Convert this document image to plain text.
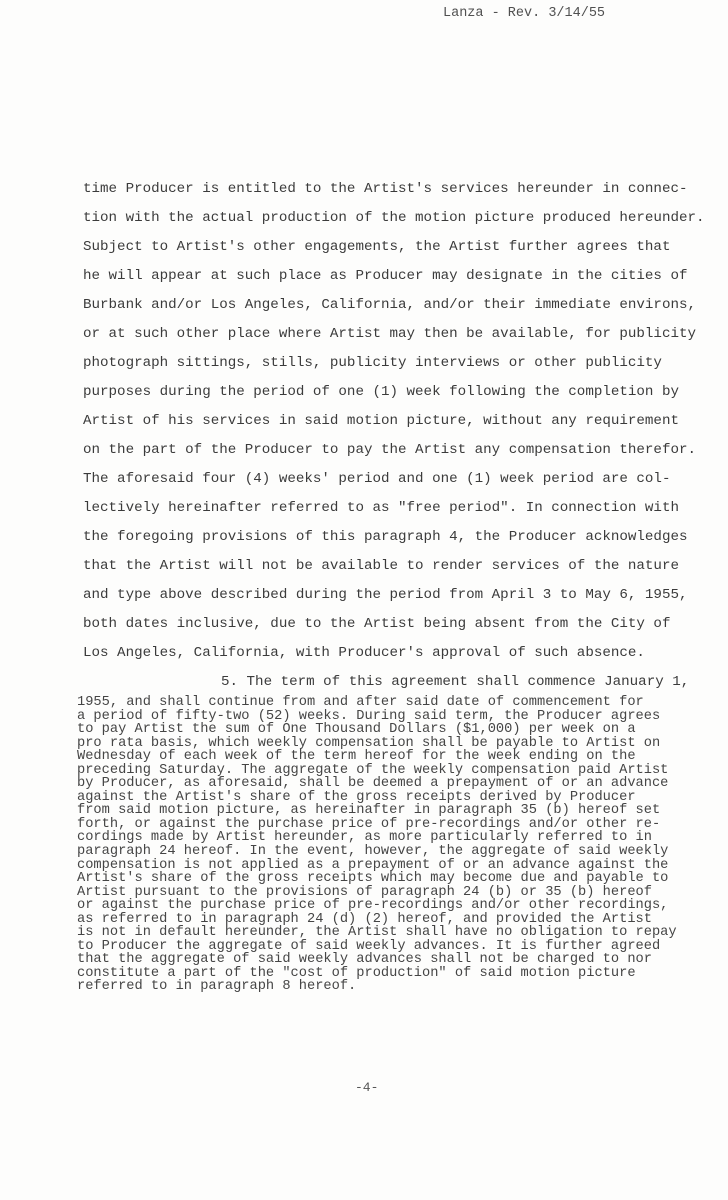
Lanza - Rev. 3/14/55
time Producer is entitled to the Artist's services hereunder in connec-
tion with the actual production of the motion picture produced hereunder.
Subject to Artist's other engagements, the Artist further agrees that
he will appear at such place as Producer may designate in the cities of
Burbank and/or Los Angeles, California, and/or their immediate environs,
or at such other place where Artist may then be available, for publicity
photograph sittings, stills, publicity interviews or other publicity
purposes during the period of one (1) week following the completion by
Artist of his services in said motion picture, without any requirement
on the part of the Producer to pay the Artist any compensation therefor.
The aforesaid four (4) weeks' period and one (1) week period are col-
lectively hereinafter referred to as "free period". In connection with
the foregoing provisions of this paragraph 4, the Producer acknowledges
that the Artist will not be available to render services of the nature
and type above described during the period from April 3 to May 6, 1955,
both dates inclusive, due to the Artist being absent from the City of
Los Angeles, California, with Producer's approval of such absence.
5. The term of this agreement shall commence January 1,
1955, and shall continue from and after said date of commencement for
a period of fifty-two (52) weeks. During said term, the Producer agrees
to pay Artist the sum of One Thousand Dollars ($1,000) per week on a
pro rata basis, which weekly compensation shall be payable to Artist on
Wednesday of each week of the term hereof for the week ending on the
preceding Saturday. The aggregate of the weekly compensation paid Artist
by Producer, as aforesaid, shall be deemed a prepayment of or an advance
against the Artist's share of the gross receipts derived by Producer
from said motion picture, as hereinafter in paragraph 35 (b) hereof set
forth, or against the purchase price of pre-recordings and/or other re-
cordings made by Artist hereunder, as more particularly referred to in
paragraph 24 hereof. In the event, however, the aggregate of said weekly
compensation is not applied as a prepayment of or an advance against the
Artist's share of the gross receipts which may become due and payable to
Artist pursuant to the provisions of paragraph 24 (b) or 35 (b) hereof
or against the purchase price of pre-recordings and/or other recordings,
as referred to in paragraph 24 (d) (2) hereof, and provided the Artist
is not in default hereunder, the Artist shall have no obligation to repay
to Producer the aggregate of said weekly advances. It is further agreed
that the aggregate of said weekly advances shall not be charged to nor
constitute a part of the "cost of production" of said motion picture
referred to in paragraph 8 hereof.
-4-
